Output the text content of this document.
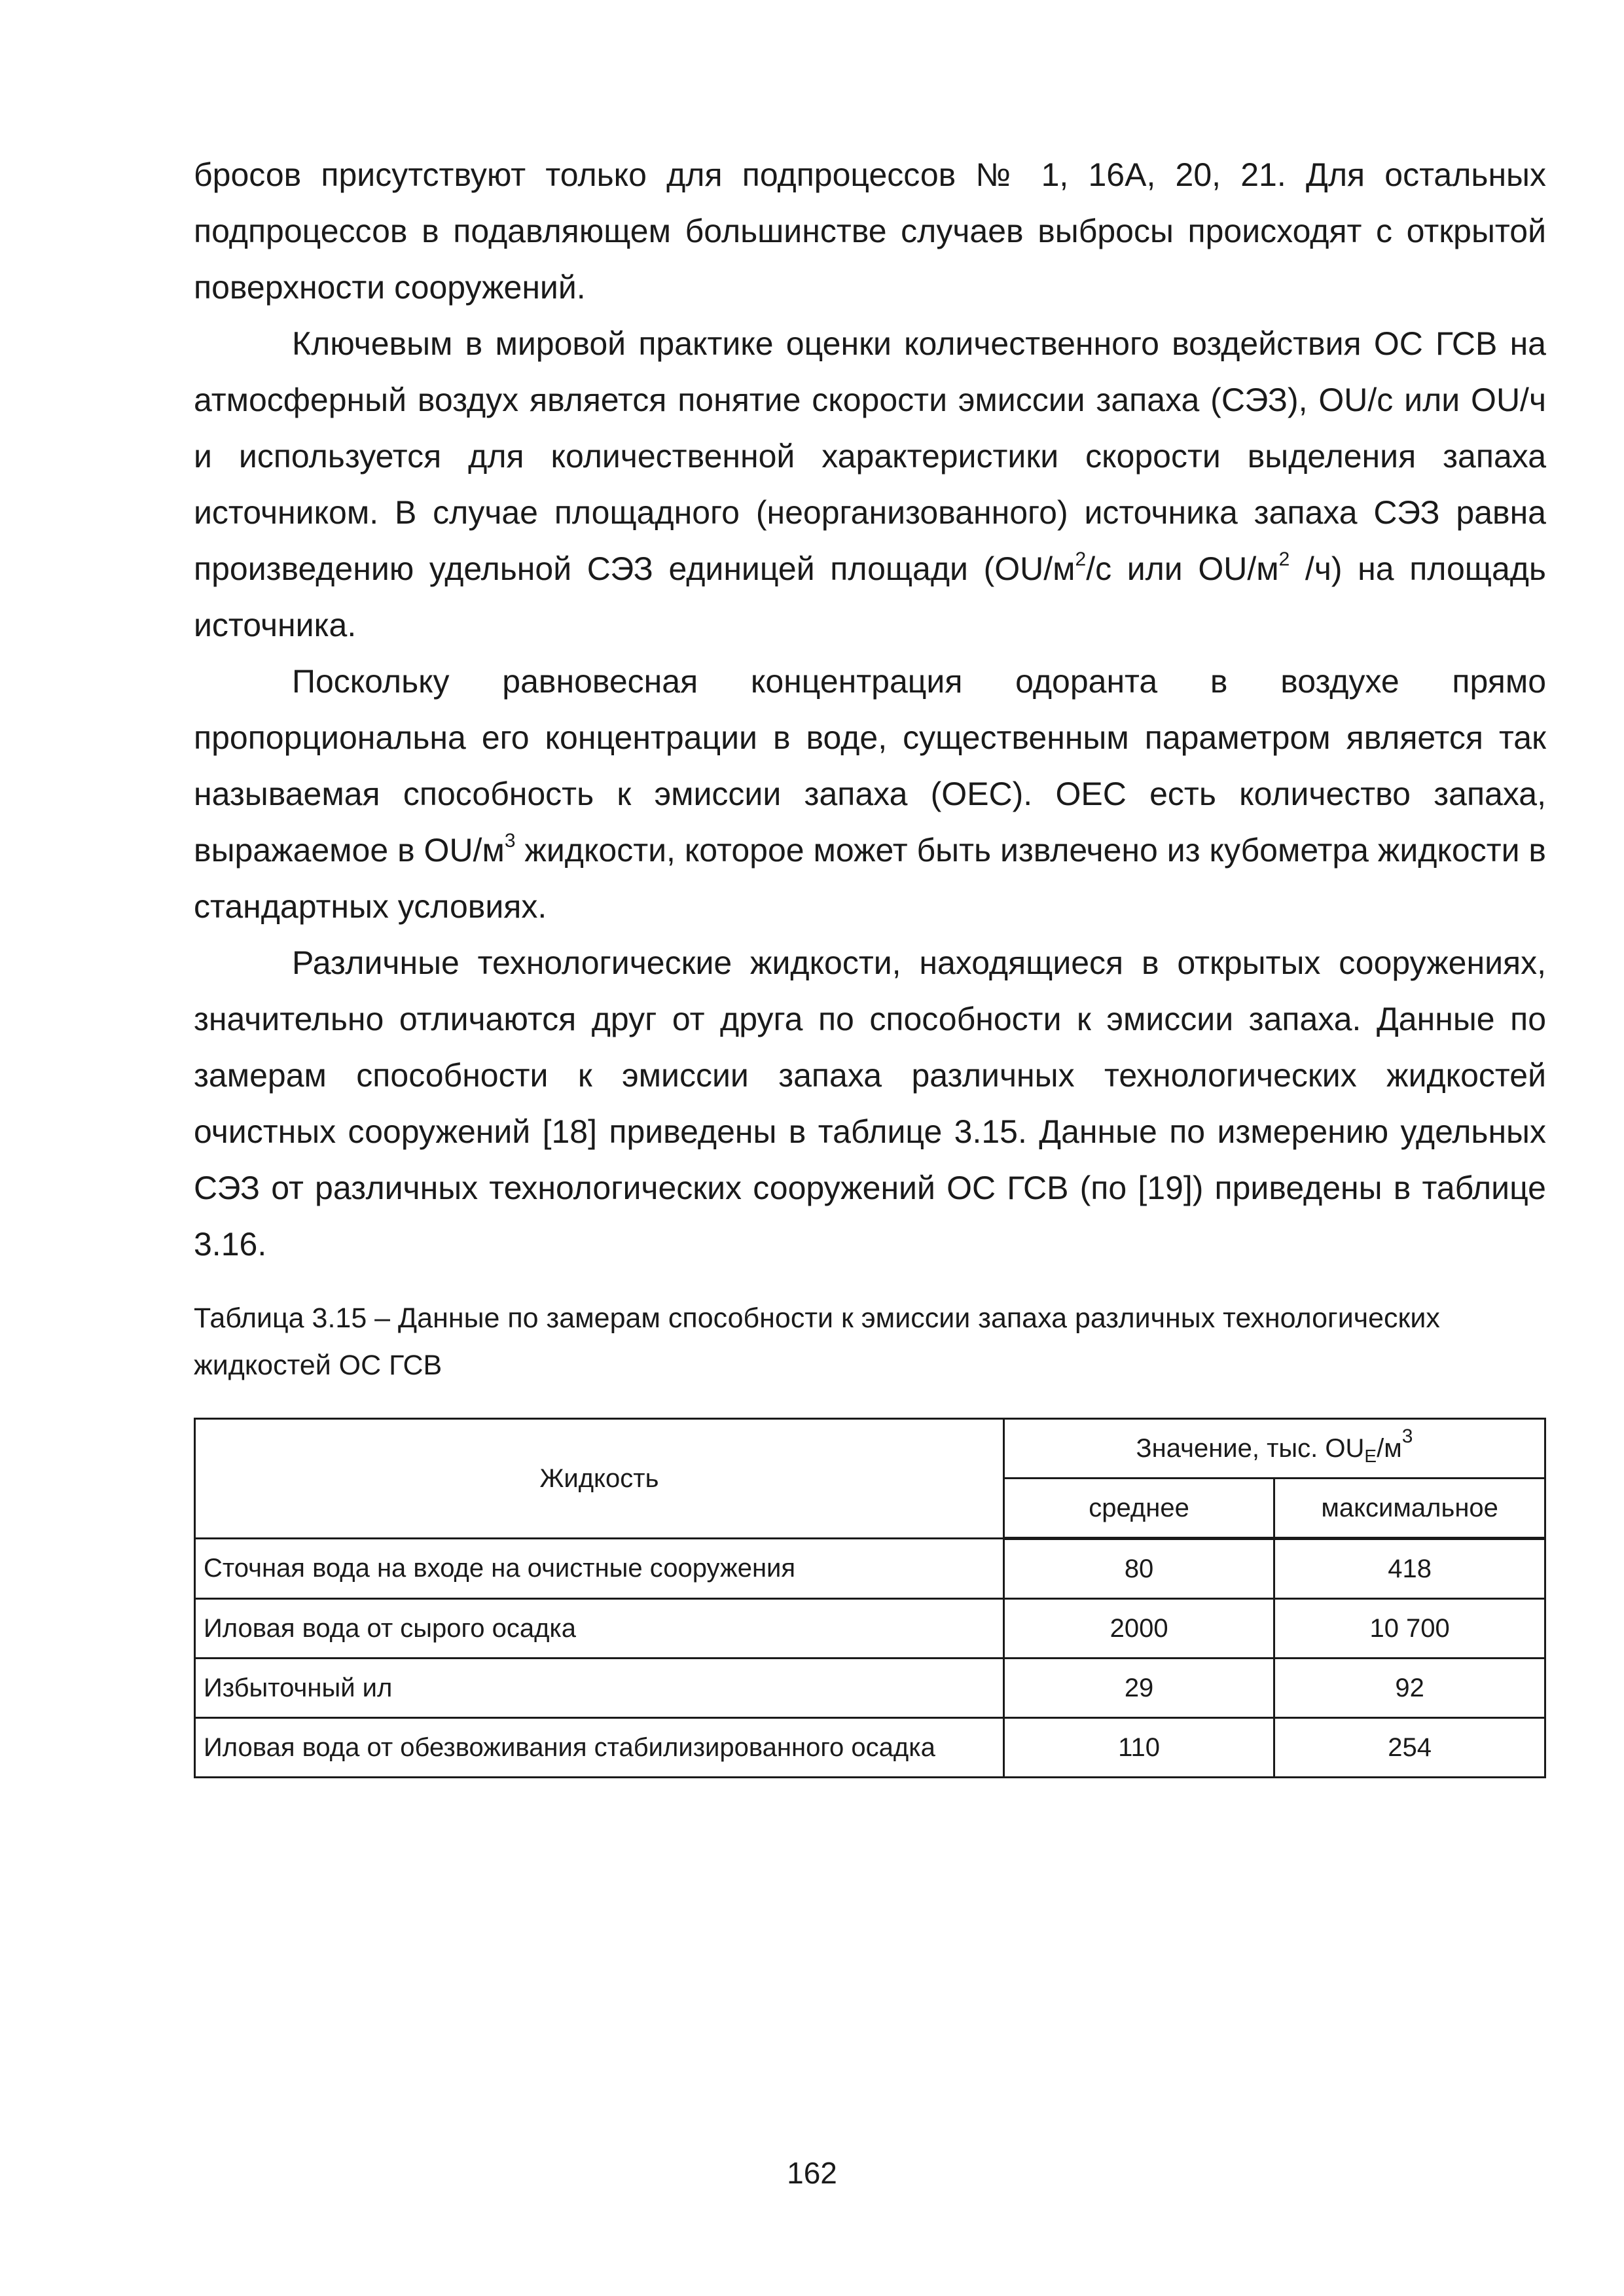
бросов присутствуют только для подпроцессов № 1, 16А, 20, 21. Для остальных подпроцессов в подавляющем большинстве случаев выбросы происходят с открытой поверхности сооружений.

Ключевым в мировой практике оценки количественного воздействия ОС ГСВ на атмосферный воздух является понятие скорости эмиссии запаха (СЭЗ), OU/с или OU/ч и используется для количественной характеристики скорости выделения запаха источником. В случае площадного (неорганизованного) источника запаха СЭЗ равна произведению удельной СЭЗ единицей площади ($OU/м^2/с$ или $OU/м^2$ /ч) на площадь источника.

Поскольку равновесная концентрация одоранта в воздухе прямо пропорциональна его концентрации в воде, существенным параметром является так называемая способность к эмиссии запаха (ОЕС). ОЕС есть количество запаха, выражаемое в $OU/м^3$ жидкости, которое может быть извлечено из кубометра жидкости в стандартных условиях.

Различные технологические жидкости, находящиеся в открытых сооружениях, значительно отличаются друг от друга по способности к эмиссии запаха. Данные по замерам способности к эмиссии запаха различных технологических жидкостей очистных сооружений [18] приведены в таблице 3.15. Данные по измерению удельных СЭЗ от различных технологических сооружений ОС ГСВ (по [19]) приведены в таблице 3.16.

Таблица 3.15 – Данные по замерам способности к эмиссии запаха различных технологических жидкостей ОС ГСВ

Жидкость	Значение, тыс. $OU_E/м^3$
	среднее	максимальное
Сточная вода на входе на очистные сооружения	80	418
Иловая вода от сырого осадка	2000	10 700
Избыточный ил	29	92
Иловая вода от обезвоживания стабилизированного осадка	110	254
162
